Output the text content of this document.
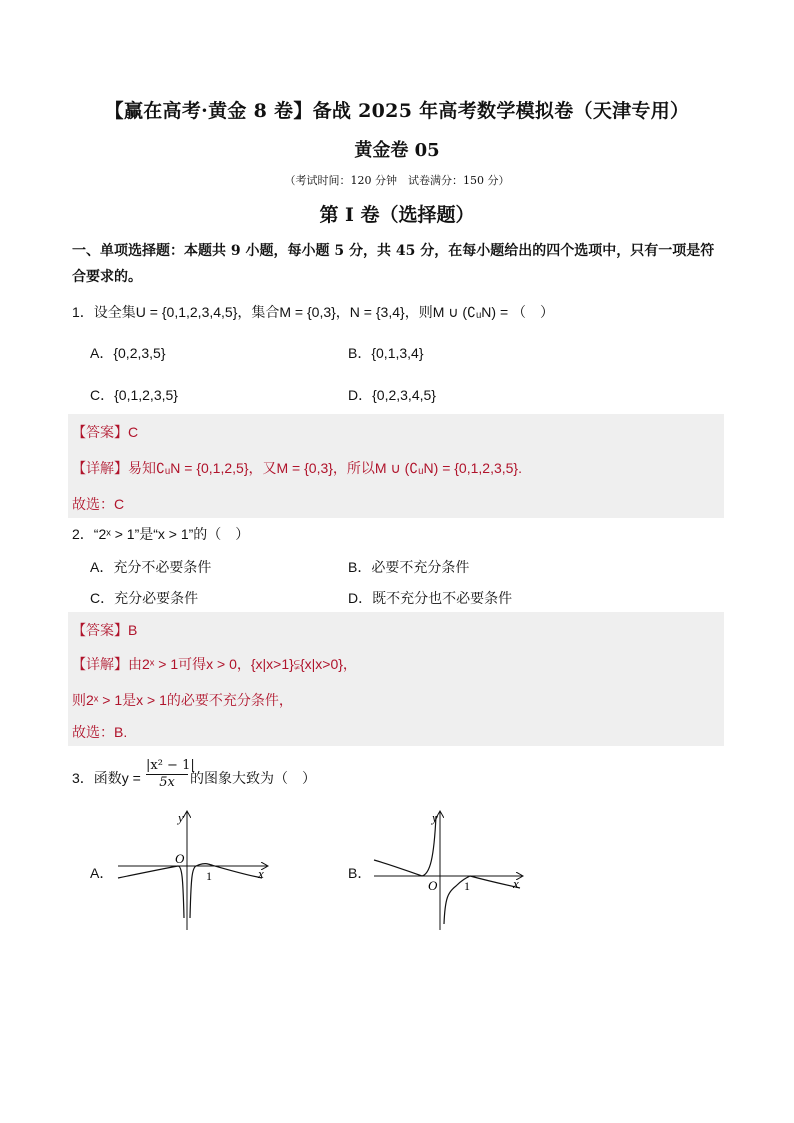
【赢在高考·黄金 8 卷】备战 2025 年高考数学模拟卷（天津专用）
黄金卷 05
（考试时间：120 分钟　试卷满分：150 分）
第 I 卷（选择题）
一、单项选择题：本题共 9 小题，每小题 5 分，共 45 分，在每小题给出的四个选项中，只有一项是符合要求的。
1．设全集U = {0,1,2,3,4,5}，集合M = {0,3}，N = {3,4}，则M ∪ (∁ᵤN) = （　）
A．{0,2,3,5}	B．{0,1,3,4}
C．{0,1,2,3,5}	D．{0,2,3,4,5}
【答案】C
【详解】易知∁ᵤN = {0,1,2,5}，又M = {0,3}，所以M ∪ (∁ᵤN) = {0,1,2,3,5}.
故选：C
2．“2ˣ > 1”是“x > 1”的（　）
A．充分不必要条件	B．必要不充分条件
C．充分必要条件	D．既不充分也不必要条件
【答案】B
【详解】由2ˣ > 1可得x > 0，{x|x>1}⫋{x|x>0}，
则2ˣ > 1是x > 1的必要不充分条件，
故选：B.
3．函数$y = \frac{\text{|x² − 1|}}{5x}$ 的图象大致为（　）
A．	B．
y
x
O
1
y
x
O 1
